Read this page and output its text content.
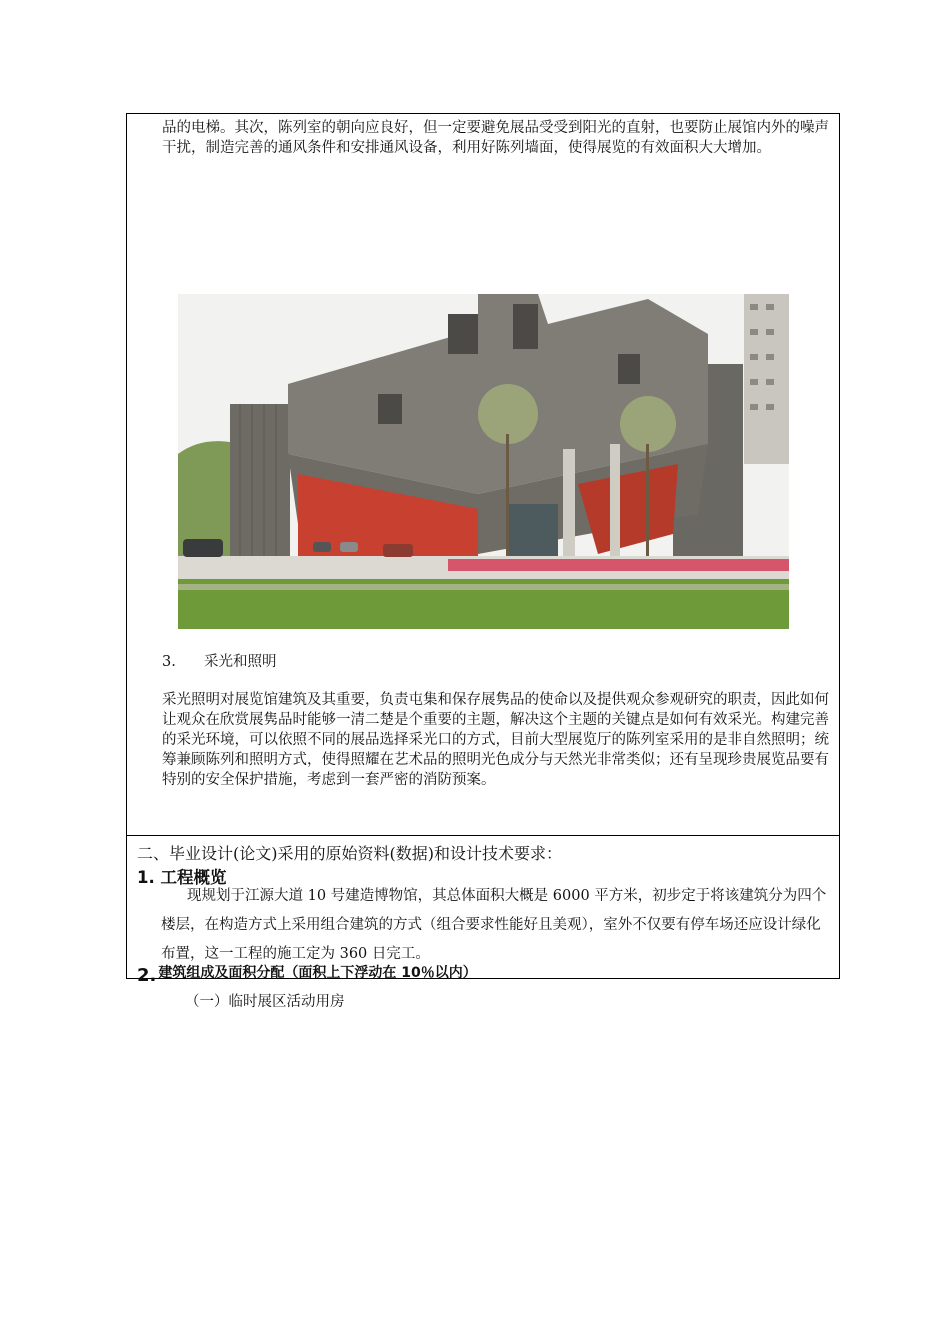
品的电梯。其次，陈列室的朝向应良好，但一定要避免展品受受到阳光的直射，也要防止展馆内外的噪声干扰，制造完善的通风条件和安排通风设备，利用好陈列墙面，使得展览的有效面积大大增加。

3. 采光和照明

采光照明对展览馆建筑及其重要，负责屯集和保存展隽品的使命以及提供观众参观研究的职责，因此如何让观众在欣赏展隽品时能够一清二楚是个重要的主题，解决这个主题的关键点是如何有效采光。构建完善的采光环境，可以依照不同的展品选择采光口的方式，目前大型展览厅的陈列室采用的是非自然照明；统筹兼顾陈列和照明方式，使得照耀在艺术品的照明光色成分与天然光非常类似；还有呈现珍贵展览品要有特别的安全保护措施，考虑到一套严密的消防预案。

二、毕业设计(论文)采用的原始资料(数据)和设计技术要求：
1. 工程概览

现规划于江源大道 10 号建造博物馆，其总体面积大概是 6000 平方米，初步定于将该建筑分为四个楼层，在构造方式上采用组合建筑的方式（组合要求性能好且美观），室外不仅要有停车场还应设计绿化布置，这一工程的施工定为 360 日完工。

2. 建筑组成及面积分配（面积上下浮动在 10％以内）
（一）临时展区活动用房
